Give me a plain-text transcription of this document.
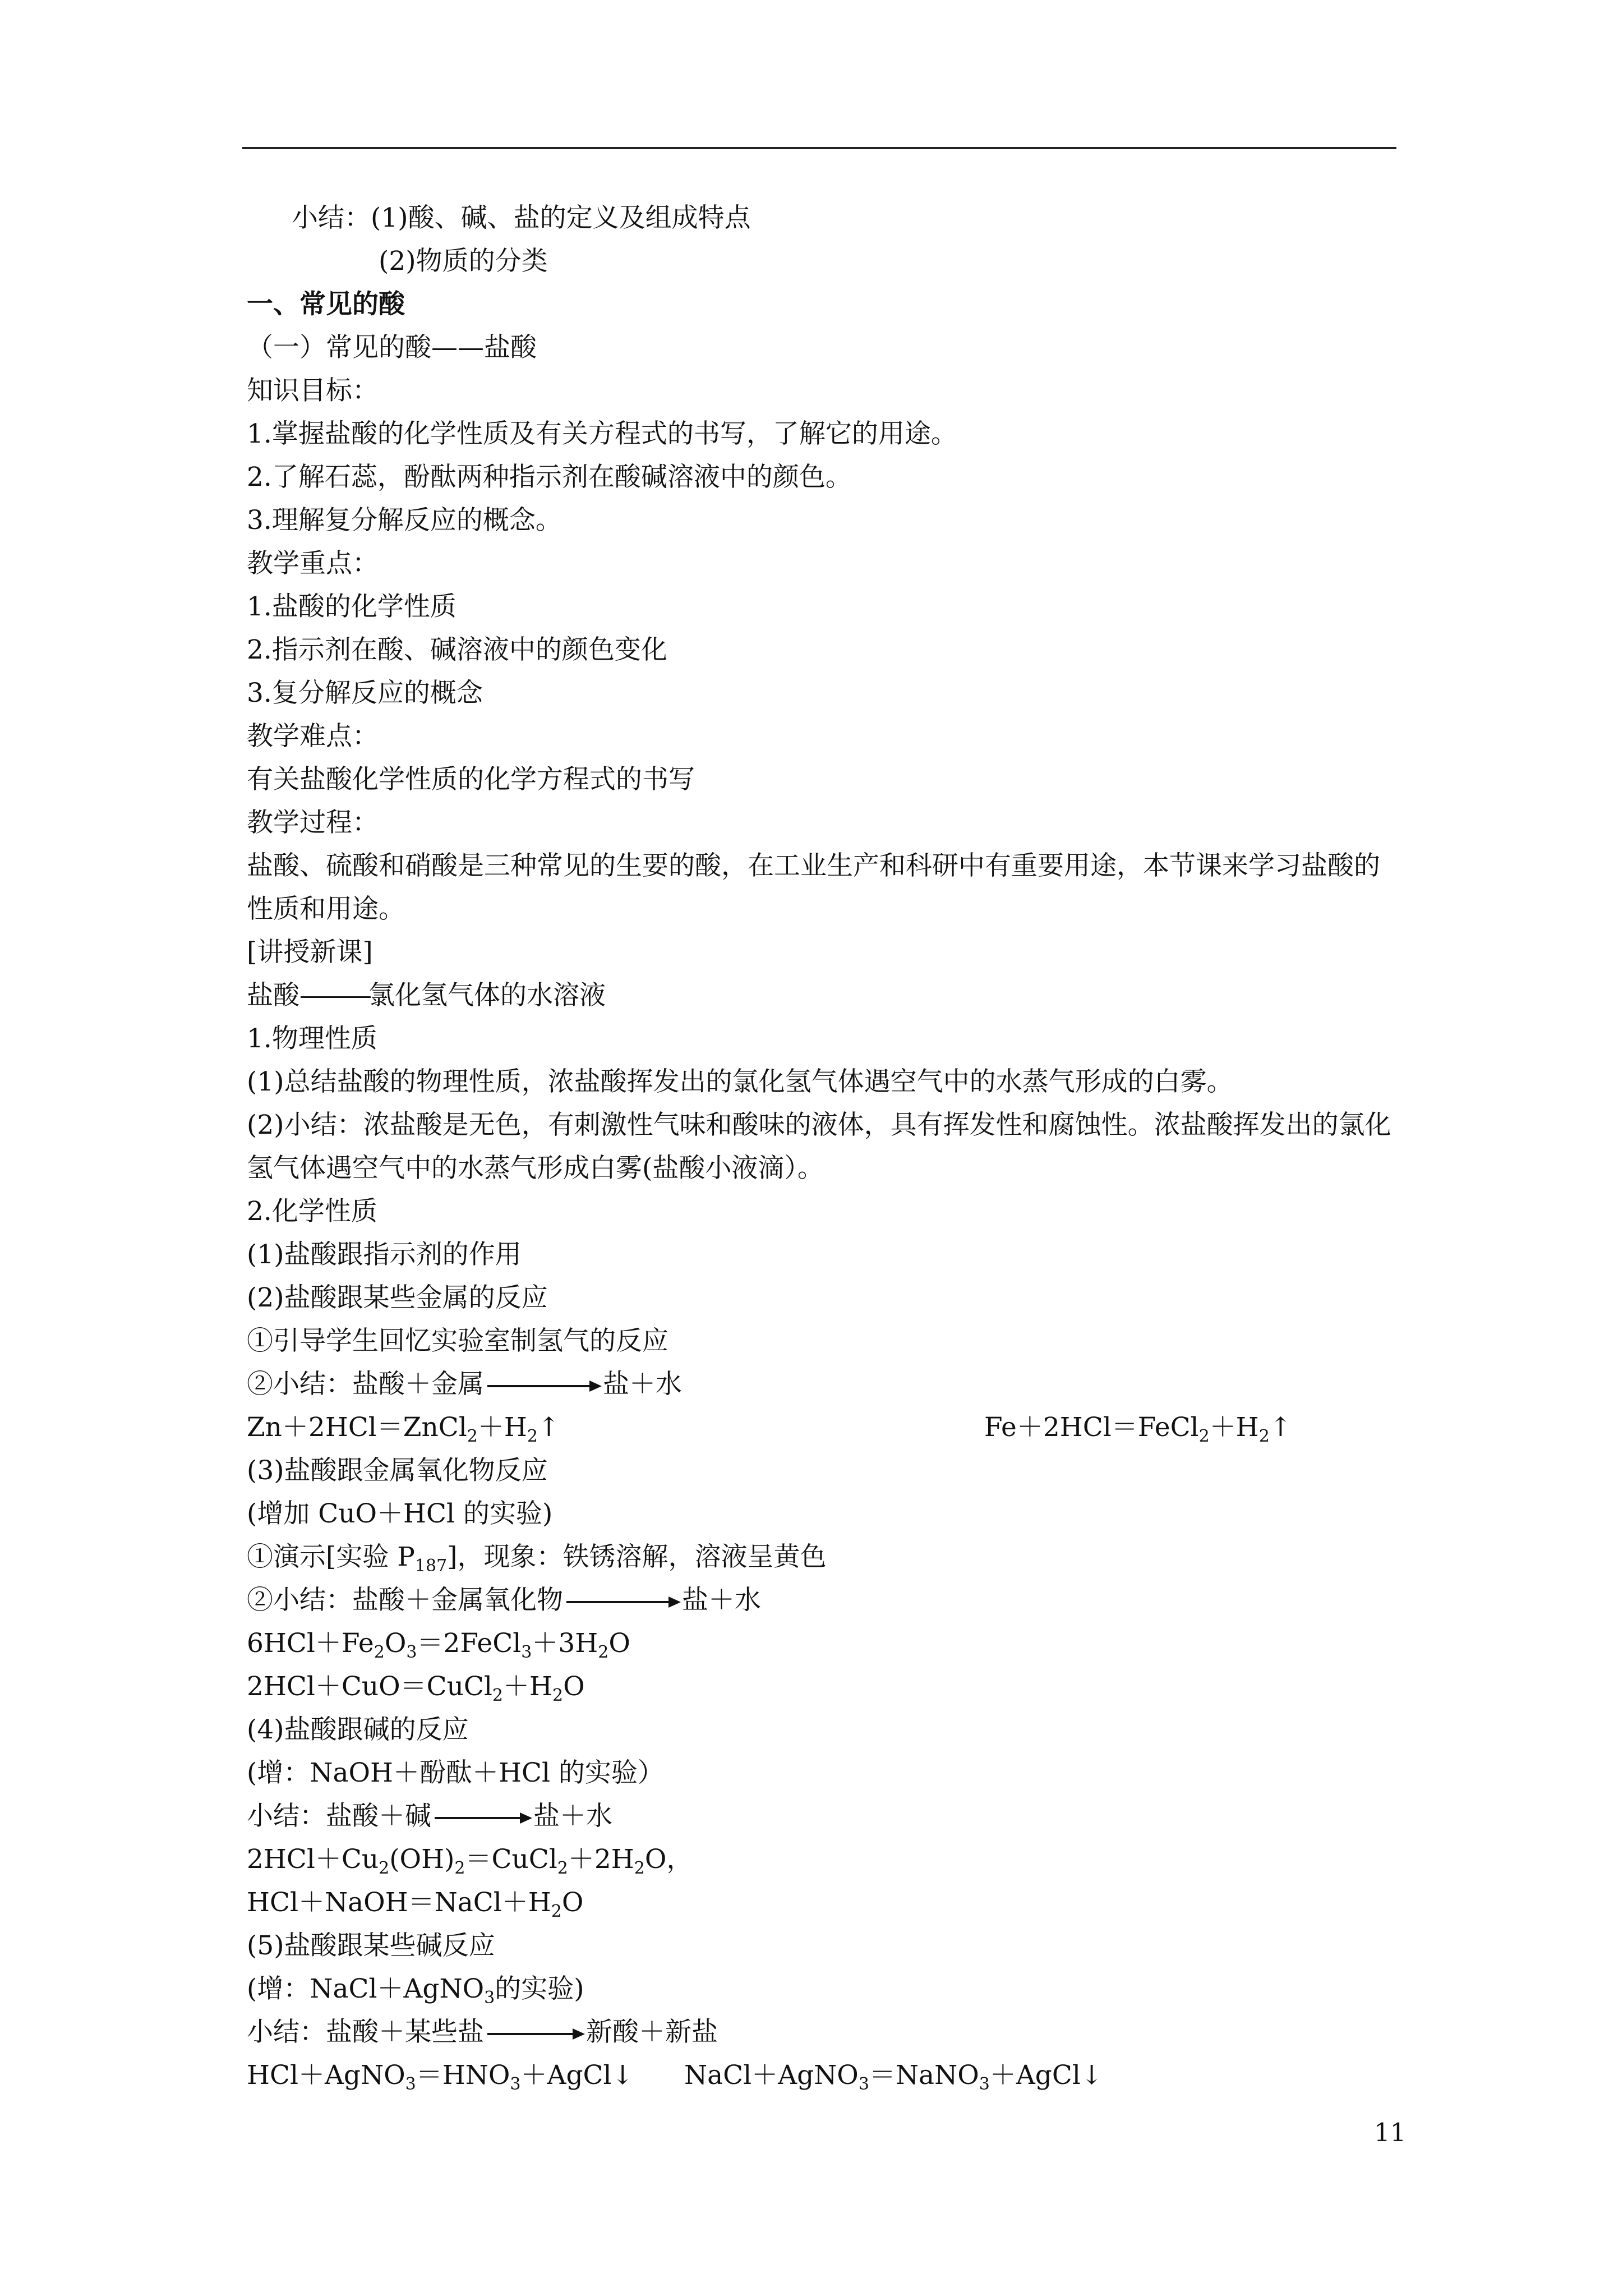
小结：(1)酸、碱、盐的定义及组成特点
(2)物质的分类
一、常见的酸
（一）常见的酸——盐酸
知识目标：
1.掌握盐酸的化学性质及有关方程式的书写，了解它的用途。
2.了解石蕊，酚酞两种指示剂在酸碱溶液中的颜色。
3.理解复分解反应的概念。
教学重点：
1.盐酸的化学性质
2.指示剂在酸、碱溶液中的颜色变化
3.复分解反应的概念
教学难点：
有关盐酸化学性质的化学方程式的书写
教学过程：
盐酸、硫酸和硝酸是三种常见的生要的酸，在工业生产和科研中有重要用途，本节课来学习盐酸的性质和用途。
[讲授新课]
盐酸———氯化氢气体的水溶液
1.物理性质
(1)总结盐酸的物理性质，浓盐酸挥发出的氯化氢气体遇空气中的水蒸气形成的白雾。
(2)小结：浓盐酸是无色，有刺激性气味和酸味的液体，具有挥发性和腐蚀性。浓盐酸挥发出的氯化氢气体遇空气中的水蒸气形成白雾(盐酸小液滴）。
2.化学性质
(1)盐酸跟指示剂的作用
(2)盐酸跟某些金属的反应
①引导学生回忆实验室制氢气的反应
②小结：盐酸＋金属	盐＋水
$Zn+2HCl=ZnCl_2+H_2↑$	$Fe+2HCl=FeCl_2+H_2↑$
(3)盐酸跟金属氧化物反应
(增加 CuO＋HCl 的实验)
①演示[实验 $P_{187}$]，现象：铁锈溶解，溶液呈黄色
②小结：盐酸＋金属氧化物	盐＋水
$6HCl+Fe_2O_3=2FeCl_3+3H_2O$
$2HCl+CuO=CuCl_2+H_2O$
(4)盐酸跟碱的反应
(增：NaOH＋酚酞＋HCl 的实验）
小结：盐酸＋碱	盐＋水
$2HCl+Cu_2(OH)_2=CuCl_2+2H_2O$，
$HCl+NaOH=NaCl+H_2O$
(5)盐酸跟某些碱反应
(增：NaCl＋AgNO$_3$的实验)
小结：盐酸＋某些盐	新酸＋新盐
$HCl+AgNO_3=HNO_3+AgCl↓$ NaCl＋AgNO$_3$＝NaNO$_3$＋AgCl↓
11
